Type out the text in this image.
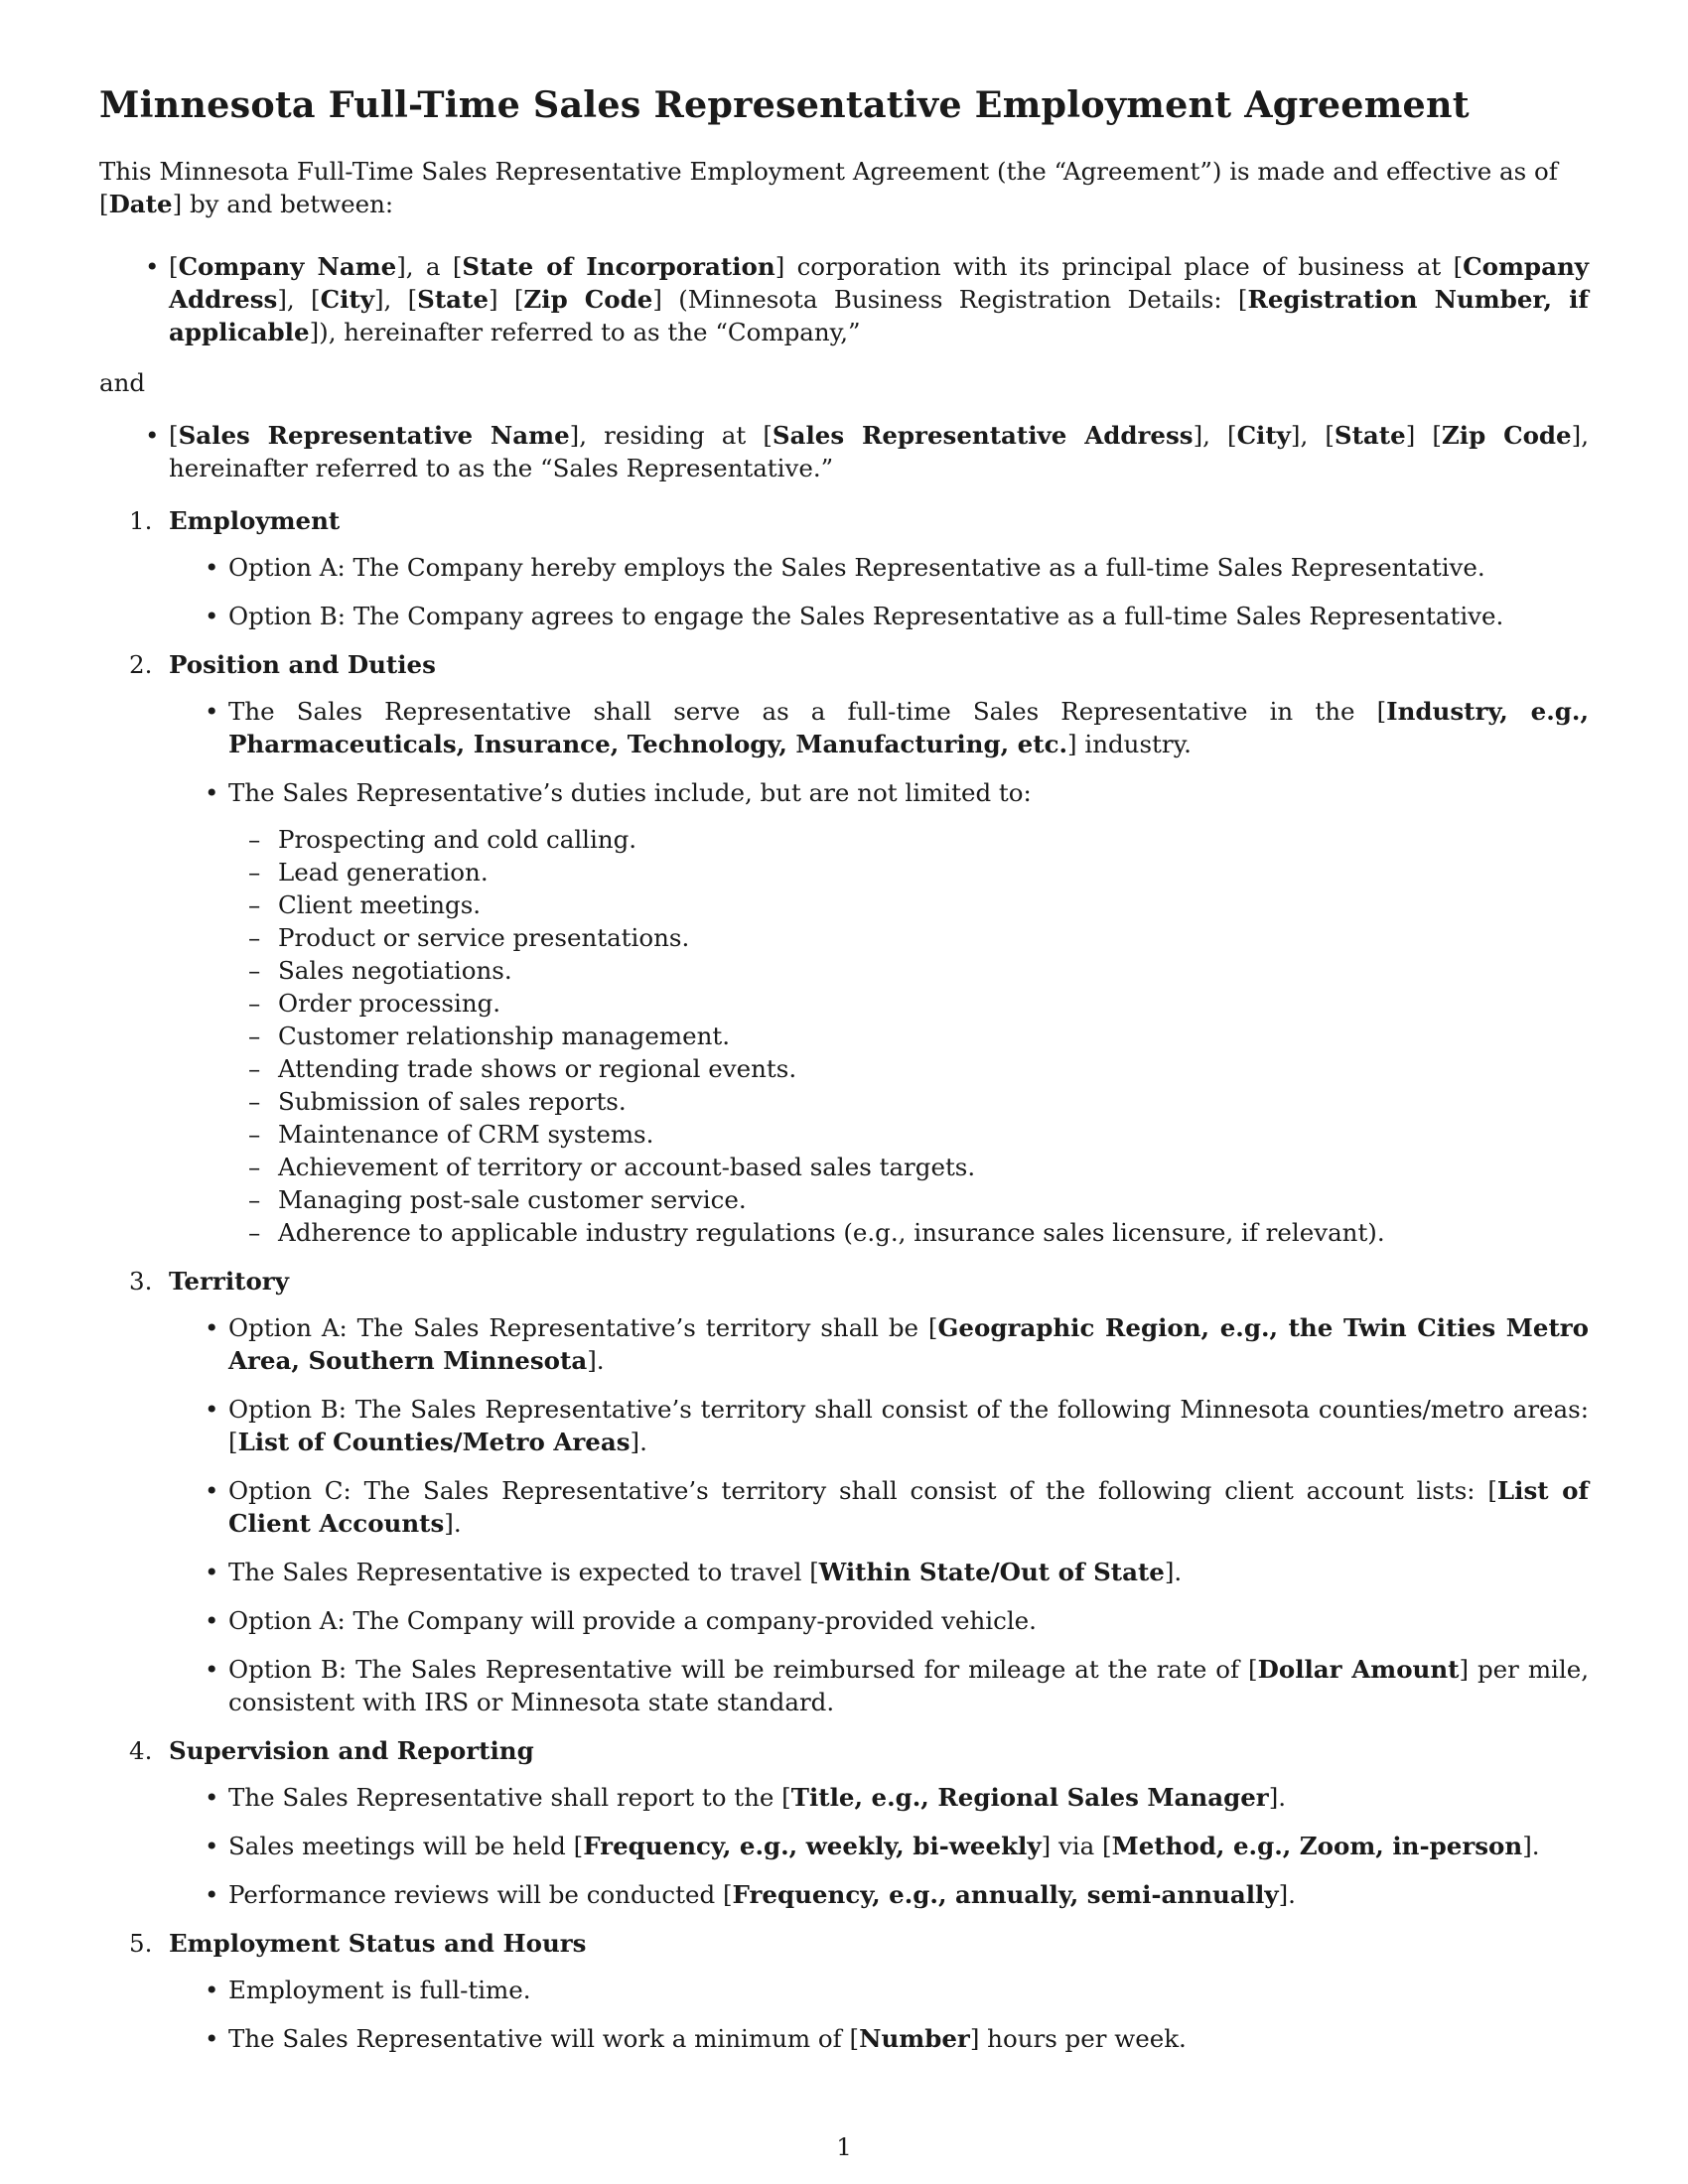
Minnesota Full-Time Sales Representative Employment Agreement

This Minnesota Full-Time Sales Representative Employment Agreement (the “Agreement”) is made and effective as of [Date] by and between:

• [Company Name], a [State of Incorporation] corporation with its principal place of business at [Company Address], [City], [State] [Zip Code] (Minnesota Business Registration Details: [Registration Number, if applicable]), hereinafter referred to as the “Company,”

and

• [Sales Representative Name], residing at [Sales Representative Address], [City], [State] [Zip Code], hereinafter referred to as the “Sales Representative.”
1. Employment
• Option A: The Company hereby employs the Sales Representative as a full-time Sales Representative.
• Option B: The Company agrees to engage the Sales Representative as a full-time Sales Representative.
2. Position and Duties
• The Sales Representative shall serve as a full-time Sales Representative in the [Industry, e.g., Pharmaceuticals, Insurance, Technology, Manufacturing, etc.] industry.
• The Sales Representative’s duties include, but are not limited to:
– Prospecting and cold calling.
– Lead generation.
– Client meetings.
– Product or service presentations.
– Sales negotiations.
– Order processing.
– Customer relationship management.
– Attending trade shows or regional events.
– Submission of sales reports.
– Maintenance of CRM systems.
– Achievement of territory or account-based sales targets.
– Managing post-sale customer service.
– Adherence to applicable industry regulations (e.g., insurance sales licensure, if relevant).
3. Territory
• Option A: The Sales Representative’s territory shall be [Geographic Region, e.g., the Twin Cities Metro Area, Southern Minnesota].
• Option B: The Sales Representative’s territory shall consist of the following Minnesota counties/metro areas: [List of Counties/Metro Areas].
• Option C: The Sales Representative’s territory shall consist of the following client account lists: [List of Client Accounts].
• The Sales Representative is expected to travel [Within State/Out of State].
• Option A: The Company will provide a company-provided vehicle.
• Option B: The Sales Representative will be reimbursed for mileage at the rate of [Dollar Amount] per mile, consistent with IRS or Minnesota state standard.
4. Supervision and Reporting
• The Sales Representative shall report to the [Title, e.g., Regional Sales Manager].
• Sales meetings will be held [Frequency, e.g., weekly, bi-weekly] via [Method, e.g., Zoom, in-person].
• Performance reviews will be conducted [Frequency, e.g., annually, semi-annually].
5. Employment Status and Hours
• Employment is full-time.
• The Sales Representative will work a minimum of [Number] hours per week.
1
